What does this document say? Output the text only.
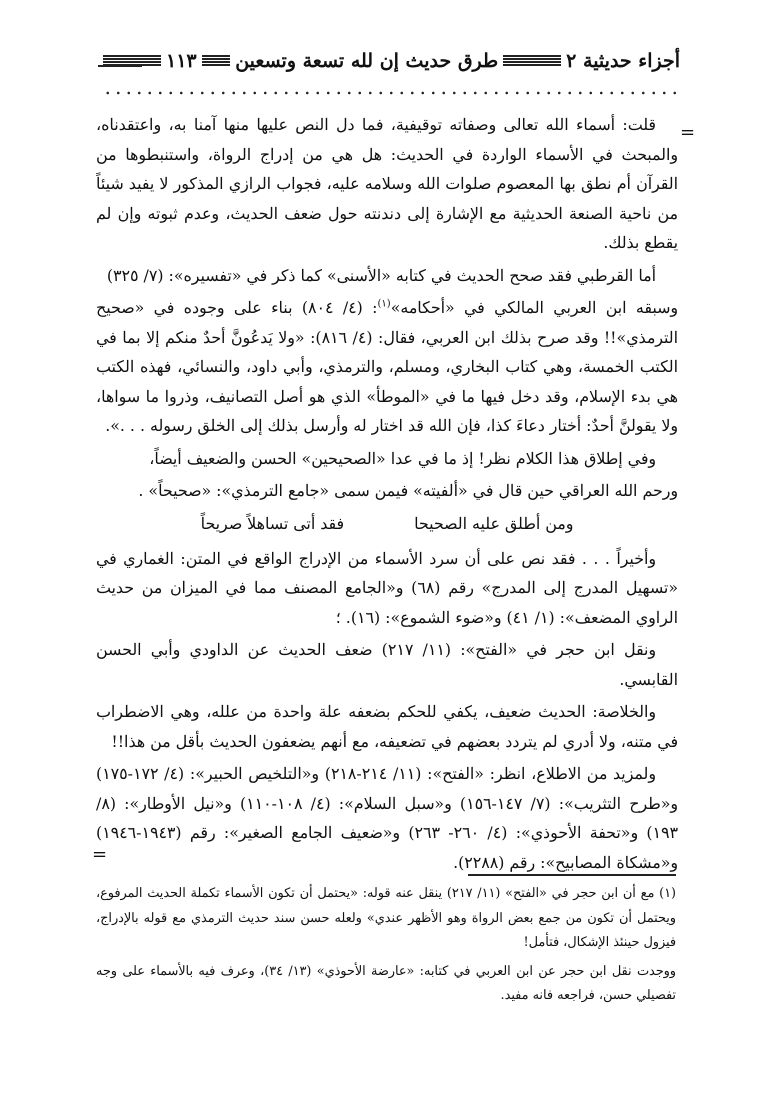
أجزاء حديثية ٢
طرق حديث إن لله تسعة وتسعين
١١٣
=

قلت: أسماء الله تعالى وصفاته توقيفية، فما دل النص عليها منها آمنا به، واعتقدناه، والمبحث في الأسماء الواردة في الحديث: هل هي من إدراج الرواة، واستنبطوها من القرآن أم نطق بها المعصوم صلوات الله وسلامه عليه، فجواب الرازي المذكور لا يفيد شيئاً من ناحية الصنعة الحديثية مع الإشارة إلى دندنته حول ضعف الحديث، وعدم ثبوته وإن لم يقطع بذلك.

أما القرطبي فقد صحح الحديث في كتابه «الأسنى» كما ذكر في «تفسيره»: (٧/ ٣٢٥)

وسبقه ابن العربي المالكي في «أحكامه»$^{(١)}$: (٤/ ٨٠٤) بناء على وجوده في «صحيح الترمذي»!! وقد صرح بذلك ابن العربي، فقال: (٤/ ٨١٦): «ولا يَدعُونَّ أحدٌ منكم إلا بما في الكتب الخمسة، وهي كتاب البخاري، ومسلم، والترمذي، وأبي داود، والنسائي، فهذه الكتب هي بدء الإسلام، وقد دخل فيها ما في «الموطأ» الذي هو أصل التصانيف، وذروا ما سواها، ولا يقولنَّ أحدٌ: أختار دعاءَ كذا، فإن الله قد اختار له وأرسل بذلك إلى الخلق رسوله . . .».

وفي إطلاق هذا الكلام نظر! إذ ما في عدا «الصحيحين» الحسن والضعيف أيضاً،

ورحم الله العراقي حين قال في «ألفيته» فيمن سمى «جامع الترمذي»: «صحيحاً» .

ومن أطلق عليه الصحيحا
فقد أتى تساهلاً صريحاً

وأخيراً . . . فقد نص على أن سرد الأسماء من الإدراج الواقع في المتن: الغماري في «تسهيل المدرج إلى المدرج» رقم (٦٨) و«الجامع المصنف مما في الميزان من حديث الراوي المضعف»: (١/ ٤١) و«ضوء الشموع»: (١٦). ؛

ونقل ابن حجر في «الفتح»: (١١/ ٢١٧) ضعف الحديث عن الداودي وأبي الحسن القابسي.

والخلاصة: الحديث ضعيف، يكفي للحكم بضعفه علة واحدة من علله، وهي الاضطراب في متنه، ولا أدري لم يتردد بعضهم في تضعيفه، مع أنهم يضعفون الحديث بأقل من هذا!!

ولمزيد من الاطلاع، انظر: «الفتح»: (١١/ ٢١٤-٢١٨) و«التلخيص الحبير»: (٤/ ١٧٢-١٧٥) و«طرح التثريب»: (٧/ ١٤٧-١٥٦) و«سبل السلام»: (٤/ ١٠٨-١١٠) و«نيل الأوطار»: (٨/ ١٩٣) و«تحفة الأحوذي»: (٤/ ٢٦٠- ٢٦٣) و«ضعيف الجامع الصغير»: رقم (١٩٤٣-١٩٤٦) و«مشكاة المصابيح»: رقم (٢٢٨٨).

=

(١) مع أن ابن حجر في «الفتح» (١١/ ٢١٧) ينقل عنه قوله: «يحتمل أن تكون الأسماء تكملة الحديث المرفوع، ويحتمل أن تكون من جمع بعض الرواة وهو الأظهر عندي» ولعله حسن سند حديث الترمذي مع قوله بالإدراج، فيزول حينئذ الإشكال، فتأمل!

ووجدت نقل ابن حجر عن ابن العربي في كتابه: «عارضة الأحوذي» (١٣/ ٣٤)، وعرف فيه بالأسماء على وجه تفصيلي حسن، فراجعه فانه مفيد.
